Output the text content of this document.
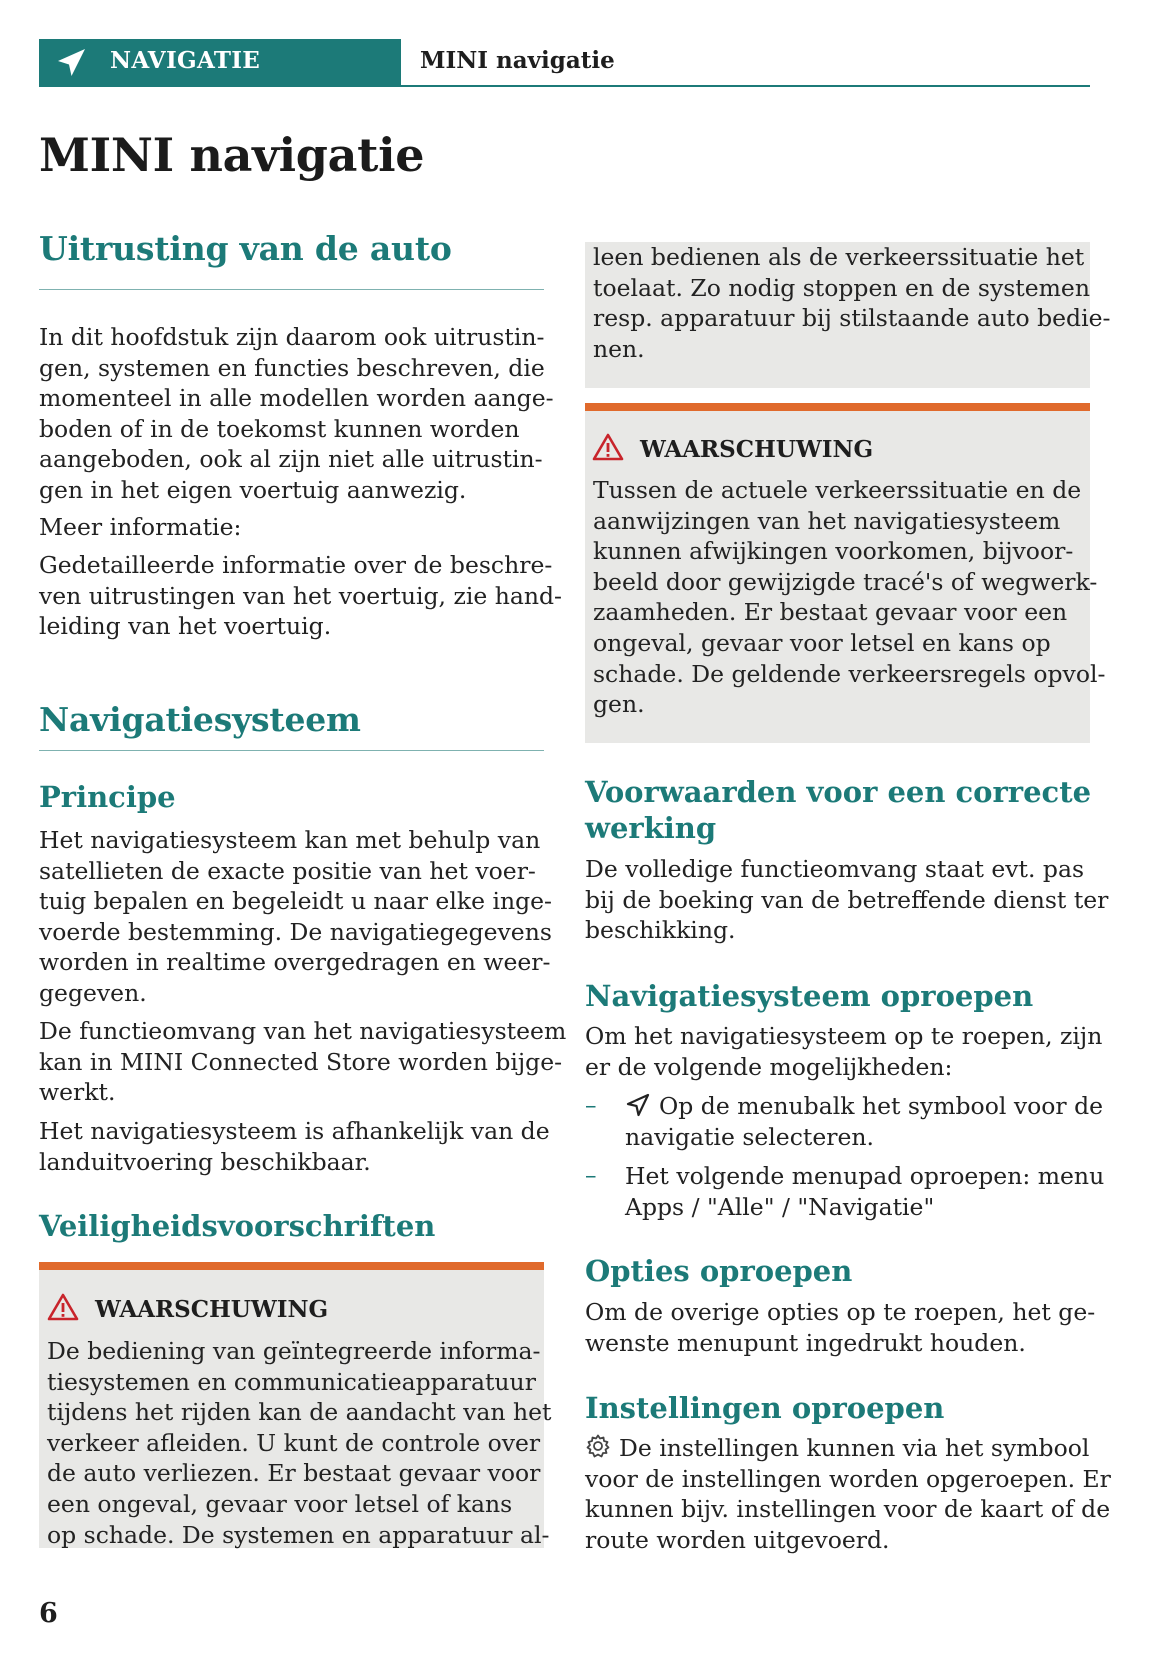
NAVIGATIE	MINI navigatie
MINI navigatie
Uitrusting van de auto
In dit hoofdstuk zijn daarom ook uitrustin-
gen, systemen en functies beschreven, die
momenteel in alle modellen worden aange-
boden of in de toekomst kunnen worden
aangeboden, ook al zijn niet alle uitrustin-
gen in het eigen voertuig aanwezig.
Meer informatie:
Gedetailleerde informatie over de beschre-
ven uitrustingen van het voertuig, zie hand-
leiding van het voertuig.
Navigatiesysteem
Principe
Het navigatiesysteem kan met behulp van
satellieten de exacte positie van het voer-
tuig bepalen en begeleidt u naar elke inge-
voerde bestemming. De navigatiegegevens
worden in realtime overgedragen en weer-
gegeven.
De functieomvang van het navigatiesysteem
kan in MINI Connected Store worden bijge-
werkt.
Het navigatiesysteem is afhankelijk van de
landuitvoering beschikbaar.
Veiligheidsvoorschriften
WAARSCHUWING
De bediening van geïntegreerde informa-
tiesystemen en communicatieapparatuur
tijdens het rijden kan de aandacht van het
verkeer afleiden. U kunt de controle over
de auto verliezen. Er bestaat gevaar voor
een ongeval, gevaar voor letsel of kans
op schade. De systemen en apparatuur al-
leen bedienen als de verkeerssituatie het
toelaat. Zo nodig stoppen en de systemen
resp. apparatuur bij stilstaande auto bedie-
nen.
WAARSCHUWING
Tussen de actuele verkeerssituatie en de
aanwijzingen van het navigatiesysteem
kunnen afwijkingen voorkomen, bijvoor-
beeld door gewijzigde tracé's of wegwerk-
zaamheden. Er bestaat gevaar voor een
ongeval, gevaar voor letsel en kans op
schade. De geldende verkeersregels opvol-
gen.
Voorwaarden voor een correcte
werking
De volledige functieomvang staat evt. pas
bij de boeking van de betreffende dienst ter
beschikking.
Navigatiesysteem oproepen
Om het navigatiesysteem op te roepen, zijn
er de volgende mogelijkheden:
–	Op de menubalk het symbool voor de
navigatie selecteren.
– Het volgende menupad oproepen: menu
Apps / "Alle" / "Navigatie"
Opties oproepen
Om de overige opties op te roepen, het ge-
wenste menupunt ingedrukt houden.
Instellingen oproepen
De instellingen kunnen via het symbool
voor de instellingen worden opgeroepen. Er
kunnen bijv. instellingen voor de kaart of de
route worden uitgevoerd.
6
